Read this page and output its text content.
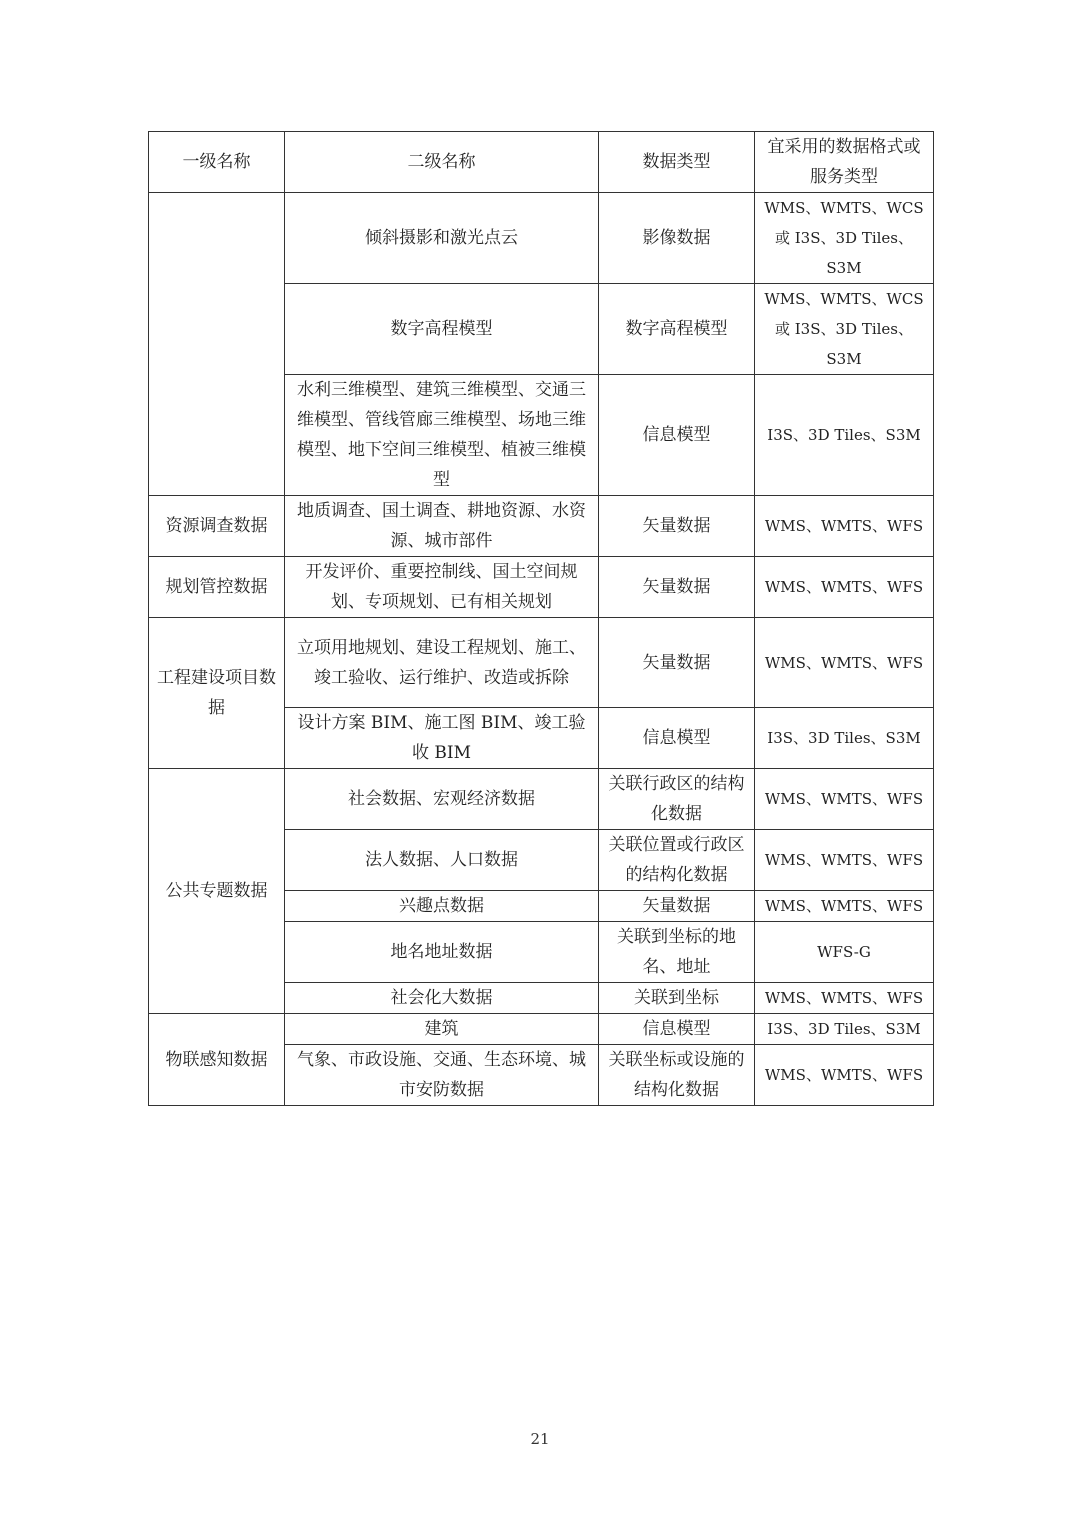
一级名称	二级名称	数据类型	宜采用的数据格式或服务类型
	倾斜摄影和激光点云	影像数据	WMS、WMTS、WCS 或 I3S、3D Tiles、S3M
	数字高程模型	数字高程模型	WMS、WMTS、WCS 或 I3S、3D Tiles、S3M
	水利三维模型、建筑三维模型、交通三维模型、管线管廊三维模型、场地三维模型、地下空间三维模型、植被三维模型	信息模型	I3S、3D Tiles、S3M
资源调查数据	地质调查、国土调查、耕地资源、水资源、城市部件	矢量数据	WMS、WMTS、WFS
规划管控数据	开发评价、重要控制线、国土空间规划、专项规划、已有相关规划	矢量数据	WMS、WMTS、WFS
工程建设项目数据	立项用地规划、建设工程规划、施工、竣工验收、运行维护、改造或拆除	矢量数据	WMS、WMTS、WFS
	设计方案 BIM、施工图 BIM、竣工验收 BIM	信息模型	I3S、3D Tiles、S3M
公共专题数据	社会数据、宏观经济数据	关联行政区的结构化数据	WMS、WMTS、WFS
	法人数据、人口数据	关联位置或行政区的结构化数据	WMS、WMTS、WFS
	兴趣点数据	矢量数据	WMS、WMTS、WFS
	地名地址数据	关联到坐标的地名、地址	WFS-G
	社会化大数据	关联到坐标	WMS、WMTS、WFS
物联感知数据	建筑	信息模型	I3S、3D Tiles、S3M
	气象、市政设施、交通、生态环境、城市安防数据	关联坐标或设施的结构化数据	WMS、WMTS、WFS
21
